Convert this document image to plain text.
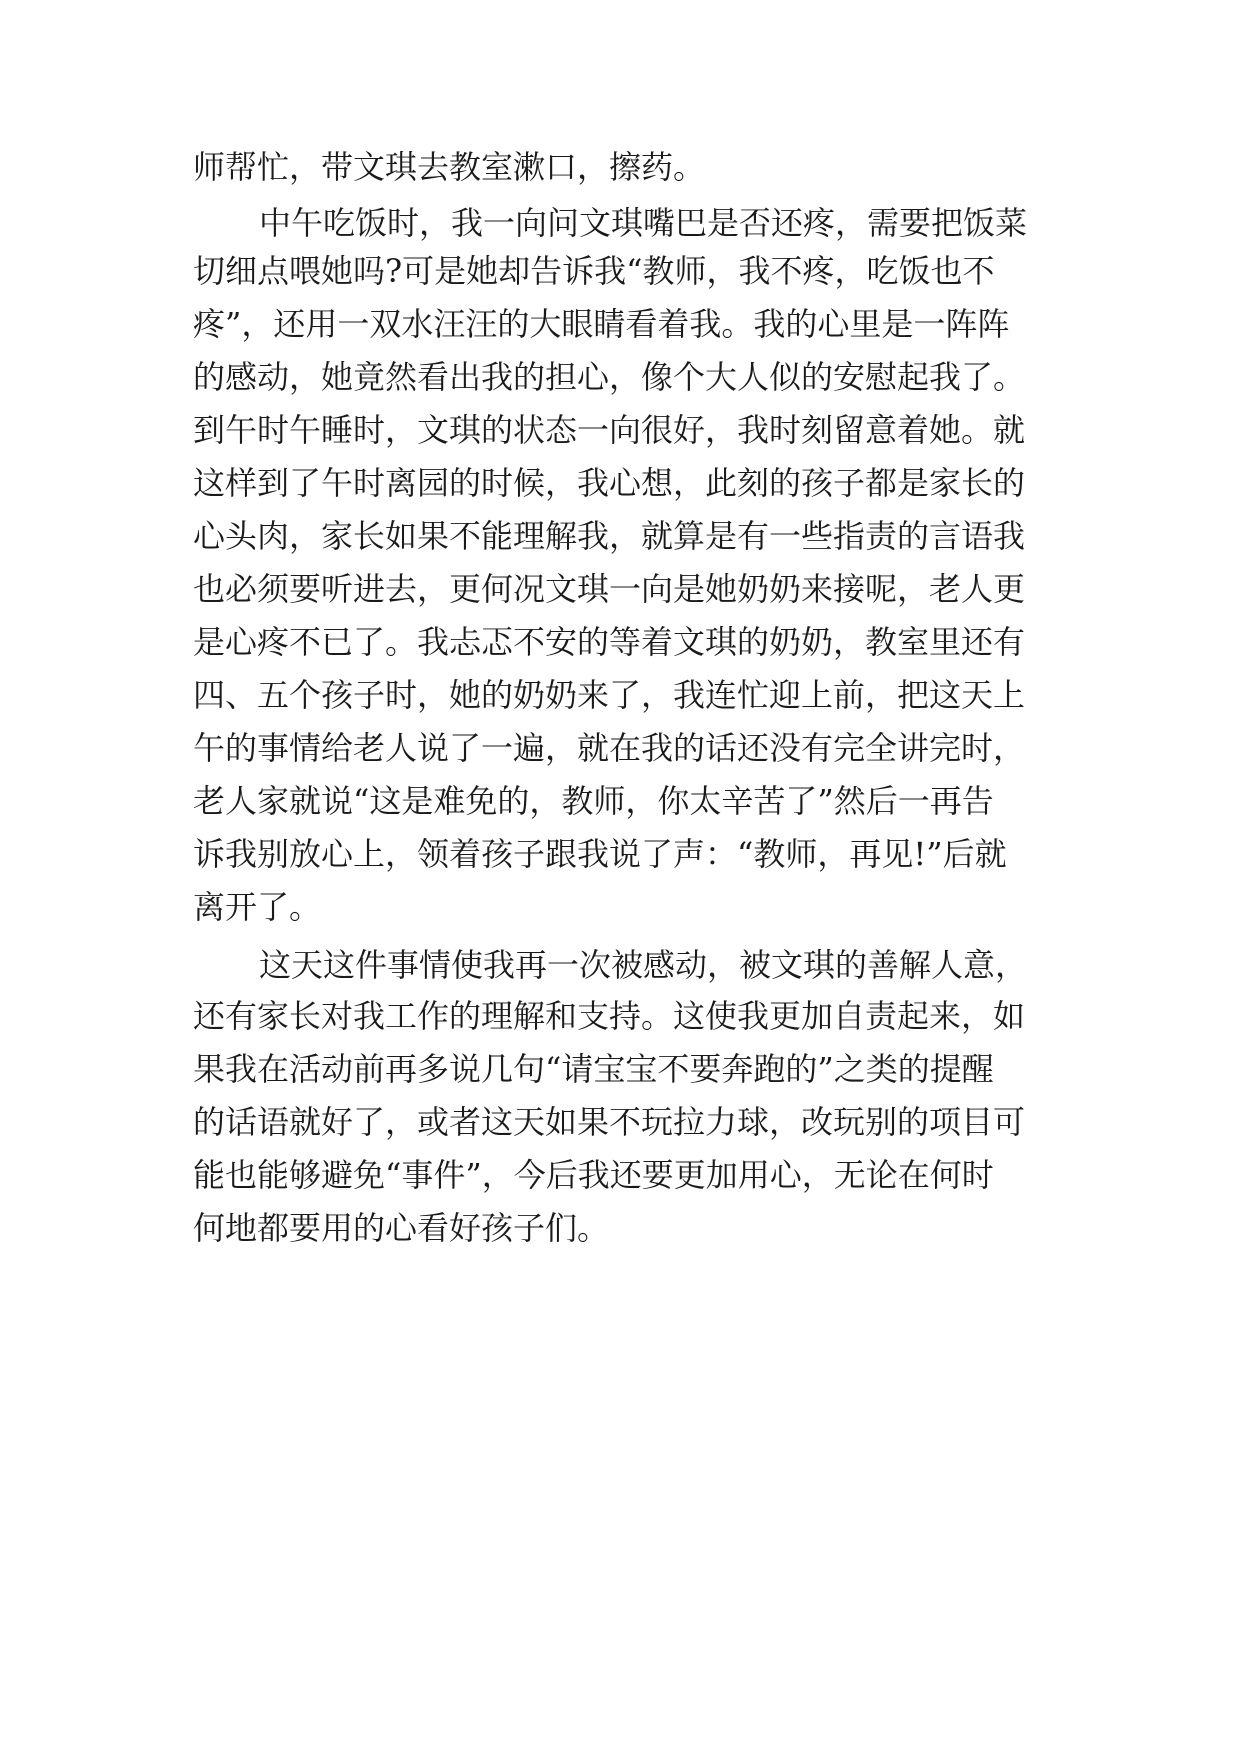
师帮忙，带文琪去教室漱口，擦药。
中午吃饭时，我一向问文琪嘴巴是否还疼，需要把饭菜
切细点喂她吗?可是她却告诉我“教师，我不疼，吃饭也不
疼”，还用一双水汪汪的大眼睛看着我。我的心里是一阵阵
的感动，她竟然看出我的担心，像个大人似的安慰起我了。
到午时午睡时，文琪的状态一向很好，我时刻留意着她。就
这样到了午时离园的时候，我心想，此刻的孩子都是家长的
心头肉，家长如果不能理解我，就算是有一些指责的言语我
也必须要听进去，更何况文琪一向是她奶奶来接呢，老人更
是心疼不已了。我忐忑不安的等着文琪的奶奶，教室里还有
四、五个孩子时，她的奶奶来了，我连忙迎上前，把这天上
午的事情给老人说了一遍，就在我的话还没有完全讲完时，
老人家就说“这是难免的，教师，你太辛苦了”然后一再告
诉我别放心上，领着孩子跟我说了声：“教师，再见!”后就
离开了。
这天这件事情使我再一次被感动，被文琪的善解人意，
还有家长对我工作的理解和支持。这使我更加自责起来，如
果我在活动前再多说几句“请宝宝不要奔跑的”之类的提醒
的话语就好了，或者这天如果不玩拉力球，改玩别的项目可
能也能够避免“事件”，今后我还要更加用心，无论在何时
何地都要用的心看好孩子们。
